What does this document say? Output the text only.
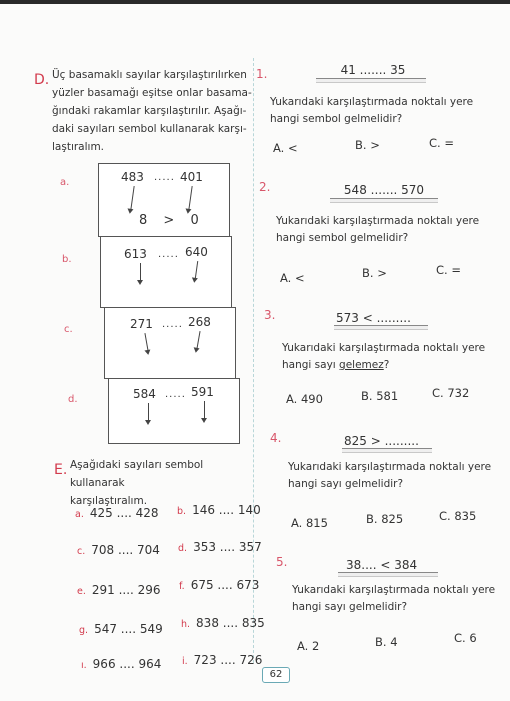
D. Üç basamaklı sayılar karşılaştırılırken
yüzler basamağı eşitse onlar basama-
ğındaki rakamlar karşılaştırılır. Aşağı-
daki sayıları sembol kullanarak karşı-
laştıralım.
a.	483 ..... 401
8 > 0
b.	613 ..... 640
c.	271 ..... 268
d.	584 ..... 591
E. Aşağıdaki sayıları sembol kullanarak
karşılaştıralım.
a. 425 .... 428 b. 146 .... 140
c. 708 .... 704 d. 353 .... 357
e. 291 .... 296 f. 675 .... 673
g. 547 .... 549 h. 838 .... 835
ı. 966 .... 964 i. 723 .... 726
1.	41 ....... 35
Yukarıdaki karşılaştırmada noktalı yere
hangi sembol gelmelidir?
A. <	B. >	C. =
2.	548 ....... 570
Yukarıdaki karşılaştırmada noktalı yere
hangi sembol gelmelidir?
A. <	B. >	C. =
3.	573 < .........
Yukarıdaki karşılaştırmada noktalı yere
hangi sayı gelemez?
A. 490	B. 581	C. 732
4.	825 > .........
Yukarıdaki karşılaştırmada noktalı yere
hangi sayı gelmelidir?
A. 815	B. 825	C. 835
5.	38.... < 384
Yukarıdaki karşılaştırmada noktalı yere
hangi sayı gelmelidir?
A. 2	B. 4	C. 6
62
